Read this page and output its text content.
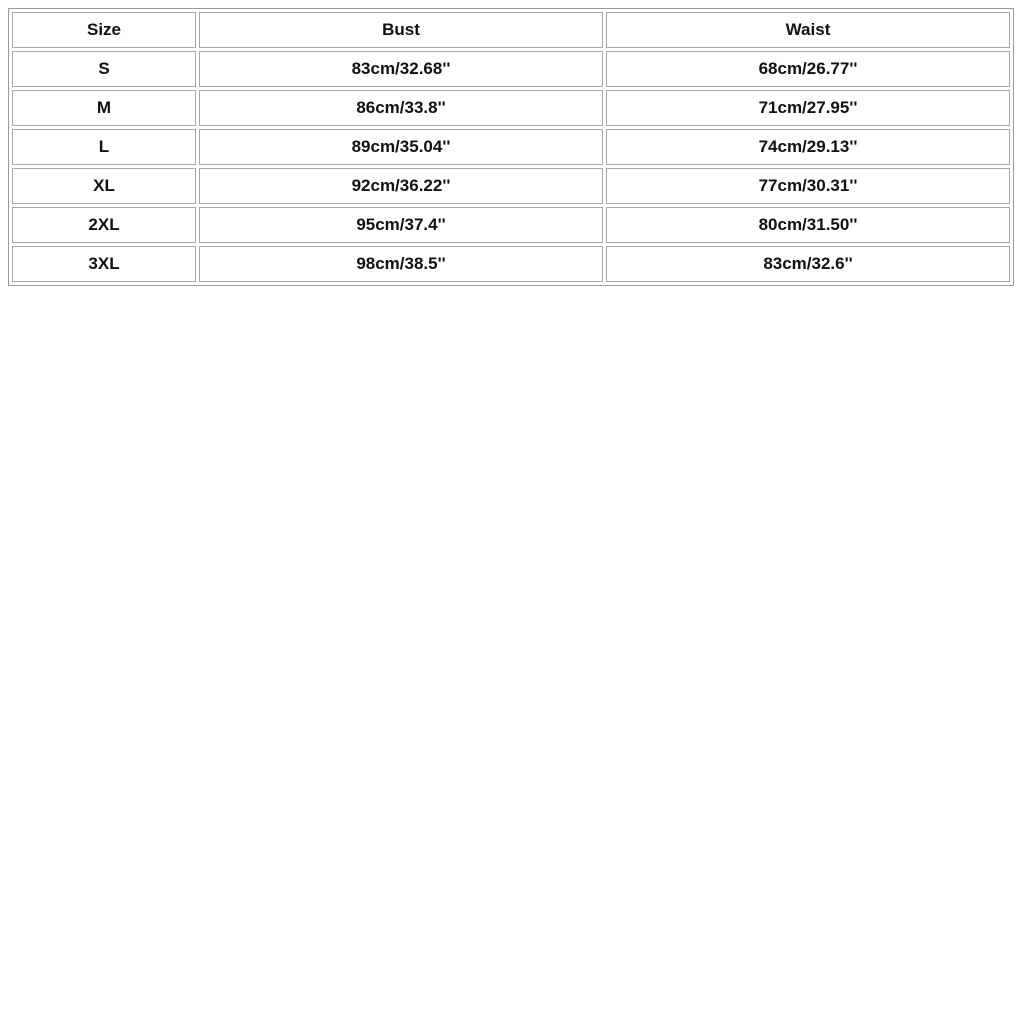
Size	Bust	Waist
S	83cm/32.68''	68cm/26.77''
M	86cm/33.8''	71cm/27.95''
L	89cm/35.04''	74cm/29.13''
XL	92cm/36.22''	77cm/30.31''
2XL	95cm/37.4''	80cm/31.50''
3XL	98cm/38.5''	83cm/32.6''
